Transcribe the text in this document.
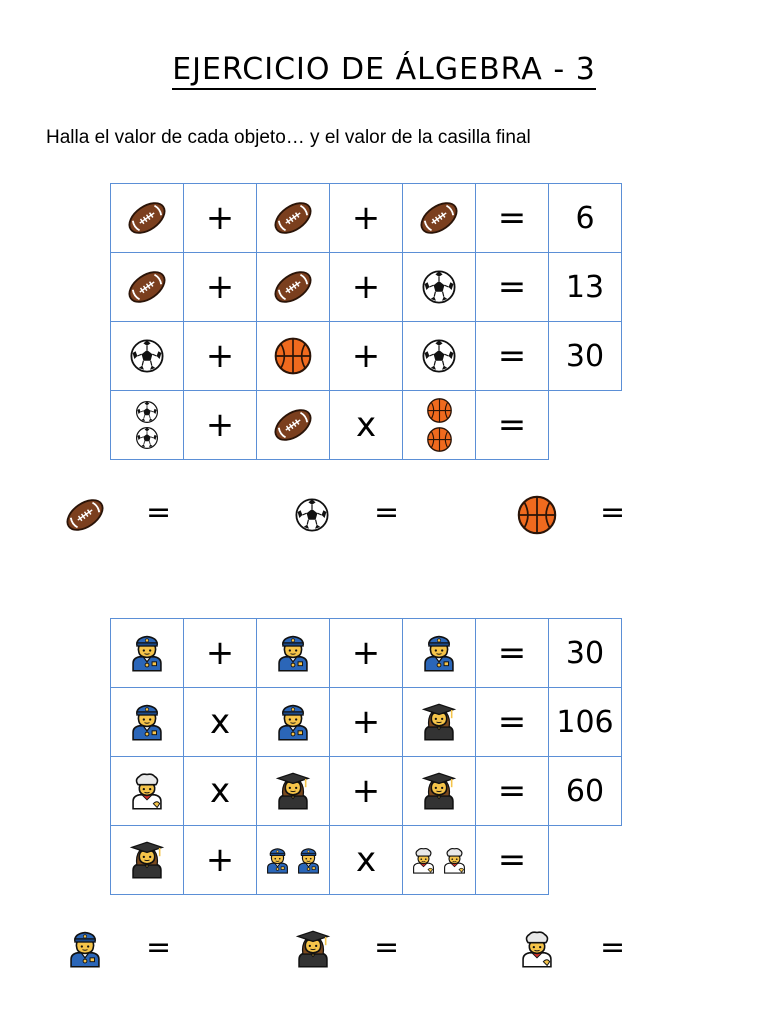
EJERCICIO DE ÁLGEBRA - 3
Halla el valor de cada objeto… y el valor de la casilla final
	+		+		=	6

	+		+		=	13

	+		+		=	30

	+		x		=	
=	=	=
	+		+		=	30

	x		+		=	106

	x		+		=	60

	+		x		=	
=	=	=
